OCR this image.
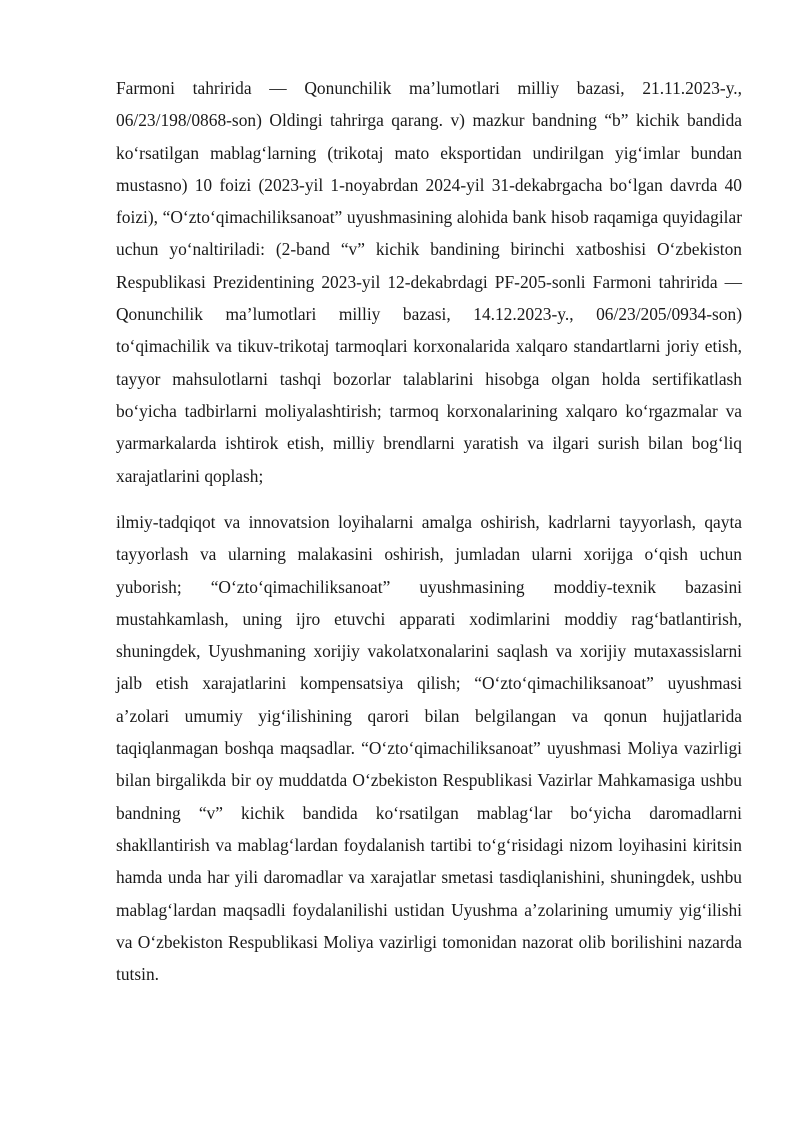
Farmoni tahririda — Qonunchilik ma’lumotlari milliy bazasi, 21.11.2023-y., 06/23/198/0868-son) Oldingi tahrirga qarang. v) mazkur bandning “b” kichik bandida ko‘rsatilgan mablag‘larning (trikotaj mato eksportidan undirilgan yig‘imlar bundan mustasno) 10 foizi (2023-yil 1-noyabrdan 2024-yil 31-dekabrgacha bo‘lgan davrda 40 foizi), “O‘zto‘qimachiliksanoat” uyushmasining alohida bank hisob raqamiga quyidagilar uchun yo‘naltiriladi: (2-band “v” kichik bandining birinchi xatboshisi O‘zbekiston Respublikasi Prezidentining 2023-yil 12-dekabrdagi PF-205-sonli Farmoni tahririda — Qonunchilik ma’lumotlari milliy bazasi, 14.12.2023-y., 06/23/205/0934-son) to‘qimachilik va tikuv-trikotaj tarmoqlari korxonalarida xalqaro standartlarni joriy etish, tayyor mahsulotlarni tashqi bozorlar talablarini hisobga olgan holda sertifikatlash bo‘yicha tadbirlarni moliyalashtirish; tarmoq korxonalarining xalqaro ko‘rgazmalar va yarmarkalarda ishtirok etish, milliy brendlarni yaratish va ilgari surish bilan bog‘liq xarajatlarini qoplash;

ilmiy-tadqiqot va innovatsion loyihalarni amalga oshirish, kadrlarni tayyorlash, qayta tayyorlash va ularning malakasini oshirish, jumladan ularni xorijga o‘qish uchun yuborish; “O‘zto‘qimachiliksanoat” uyushmasining moddiy-texnik bazasini mustahkamlash, uning ijro etuvchi apparati xodimlarini moddiy rag‘batlantirish, shuningdek, Uyushmaning xorijiy vakolatxonalarini saqlash va xorijiy mutaxassislarni jalb etish xarajatlarini kompensatsiya qilish; “O‘zto‘qimachiliksanoat” uyushmasi a’zolari umumiy yig‘ilishining qarori bilan belgilangan va qonun hujjatlarida taqiqlanmagan boshqa maqsadlar. “O‘zto‘qimachiliksanoat” uyushmasi Moliya vazirligi bilan birgalikda bir oy muddatda O‘zbekiston Respublikasi Vazirlar Mahkamasiga ushbu bandning “v” kichik bandida ko‘rsatilgan mablag‘lar bo‘yicha daromadlarni shakllantirish va mablag‘lardan foydalanish tartibi to‘g‘risidagi nizom loyihasini kiritsin hamda unda har yili daromadlar va xarajatlar smetasi tasdiqlanishini, shuningdek, ushbu mablag‘lardan maqsadli foydalanilishi ustidan Uyushma a’zolarining umumiy yig‘ilishi va O‘zbekiston Respublikasi Moliya vazirligi tomonidan nazorat olib borilishini nazarda tutsin.
